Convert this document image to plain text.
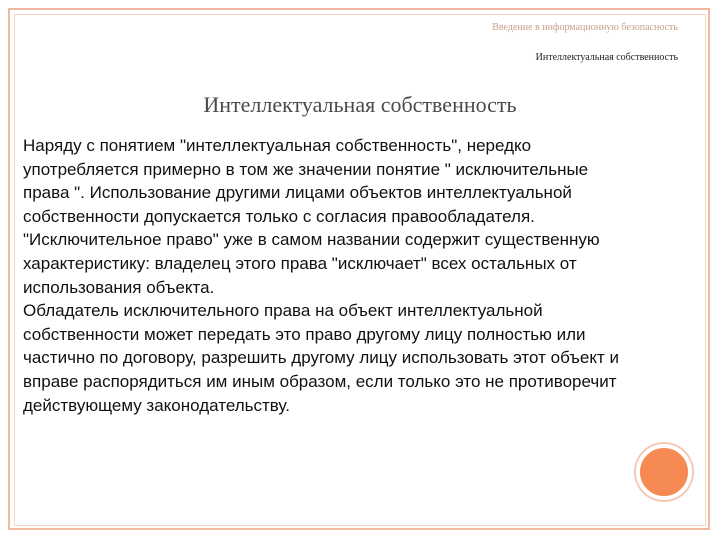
Введение в информационную безопасность
Интеллектуальная собственность
Интеллектуальная собственность

Наряду с понятием "интеллектуальная собственность", нередко употребляется примерно в том же значении понятие " исключительные права ". Использование другими лицами объектов интеллектуальной собственности допускается только с согласия правообладателя. "Исключительное право" уже в самом названии содержит существенную характеристику: владелец этого права "исключает" всех остальных от использования объекта.

Обладатель исключительного права на объект интеллектуальной собственности может передать это право другому лицу полностью или частично по договору, разрешить другому лицу использовать этот объект и вправе распорядиться им иным образом, если только это не противоречит действующему законодательству.
